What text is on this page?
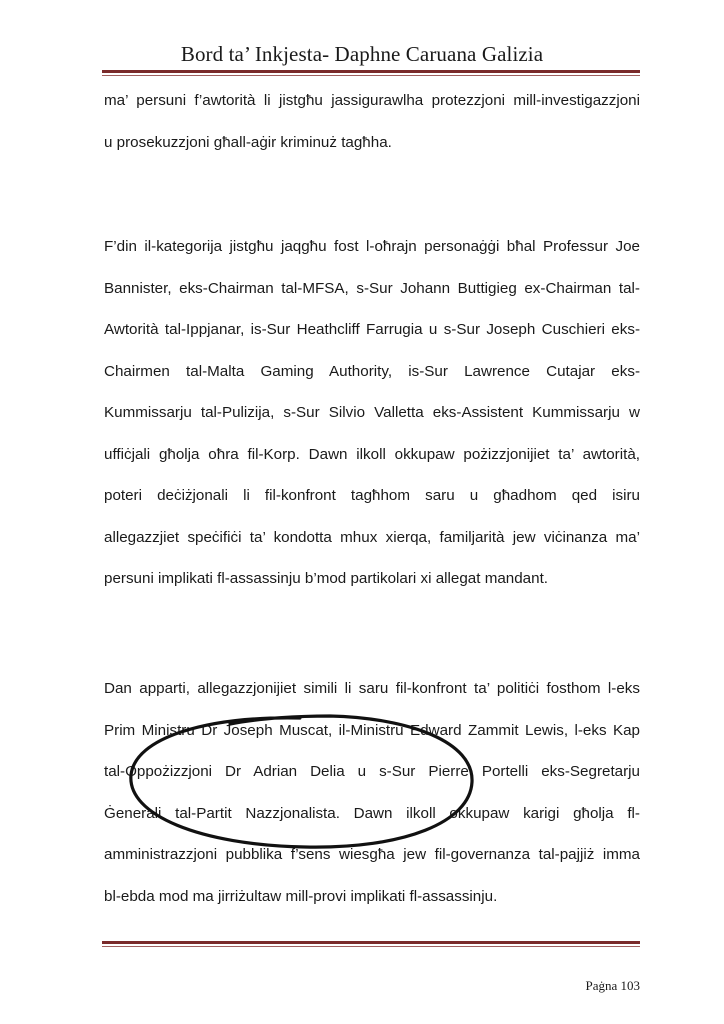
Bord ta’ Inkjesta- Daphne Caruana Galizia
ma’ persuni f’awtorità li jistgħu jassigurawlha protezzjoni mill-investigazzjoni
u prosekuzzjoni għall-aġir kriminuż tagħha.
F’din il-kategorija jistgħu jaqgħu fost l-oħrajn personaġġi bħal Professur Joe
Bannister, eks-Chairman tal-MFSA, s-Sur Johann Buttigieg ex-Chairman tal-
Awtorità tal-Ippjanar, is-Sur Heathcliff Farrugia u s-Sur Joseph Cuschieri eks-
Chairmen tal-Malta Gaming Authority, is-Sur Lawrence Cutajar eks-
Kummissarju tal-Pulizija, s-Sur Silvio Valletta eks-Assistent Kummissarju w
uffiċjali għolja oħra fil-Korp. Dawn ilkoll okkupaw pożizzjonijiet ta’ awtorità,
poteri deċiżjonali li fil-konfront tagħhom saru u għadhom qed isiru
allegazzjiet speċifiċi ta’ kondotta mhux xierqa, familjarità jew viċinanza ma’
persuni implikati fl-assassinju b’mod partikolari xi allegat mandant.
Dan apparti, allegazzjonijiet simili li saru fil-konfront ta’ politiċi fosthom l-eks
Prim Ministru Dr Joseph Muscat, il-Ministru Edward Zammit Lewis, l-eks Kap
tal-Oppożizzjoni Dr Adrian Delia u s-Sur Pierre Portelli eks-Segretarju
Ġenerali tal-Partit Nazzjonalista. Dawn ilkoll okkupaw karigi għolja fl-
amministrazzjoni pubblika f’sens wiesgħa jew fil-governanza tal-pajjiż imma
bl-ebda mod ma jirriżultaw mill-provi implikati fl-assassinju.
Paġna 103
